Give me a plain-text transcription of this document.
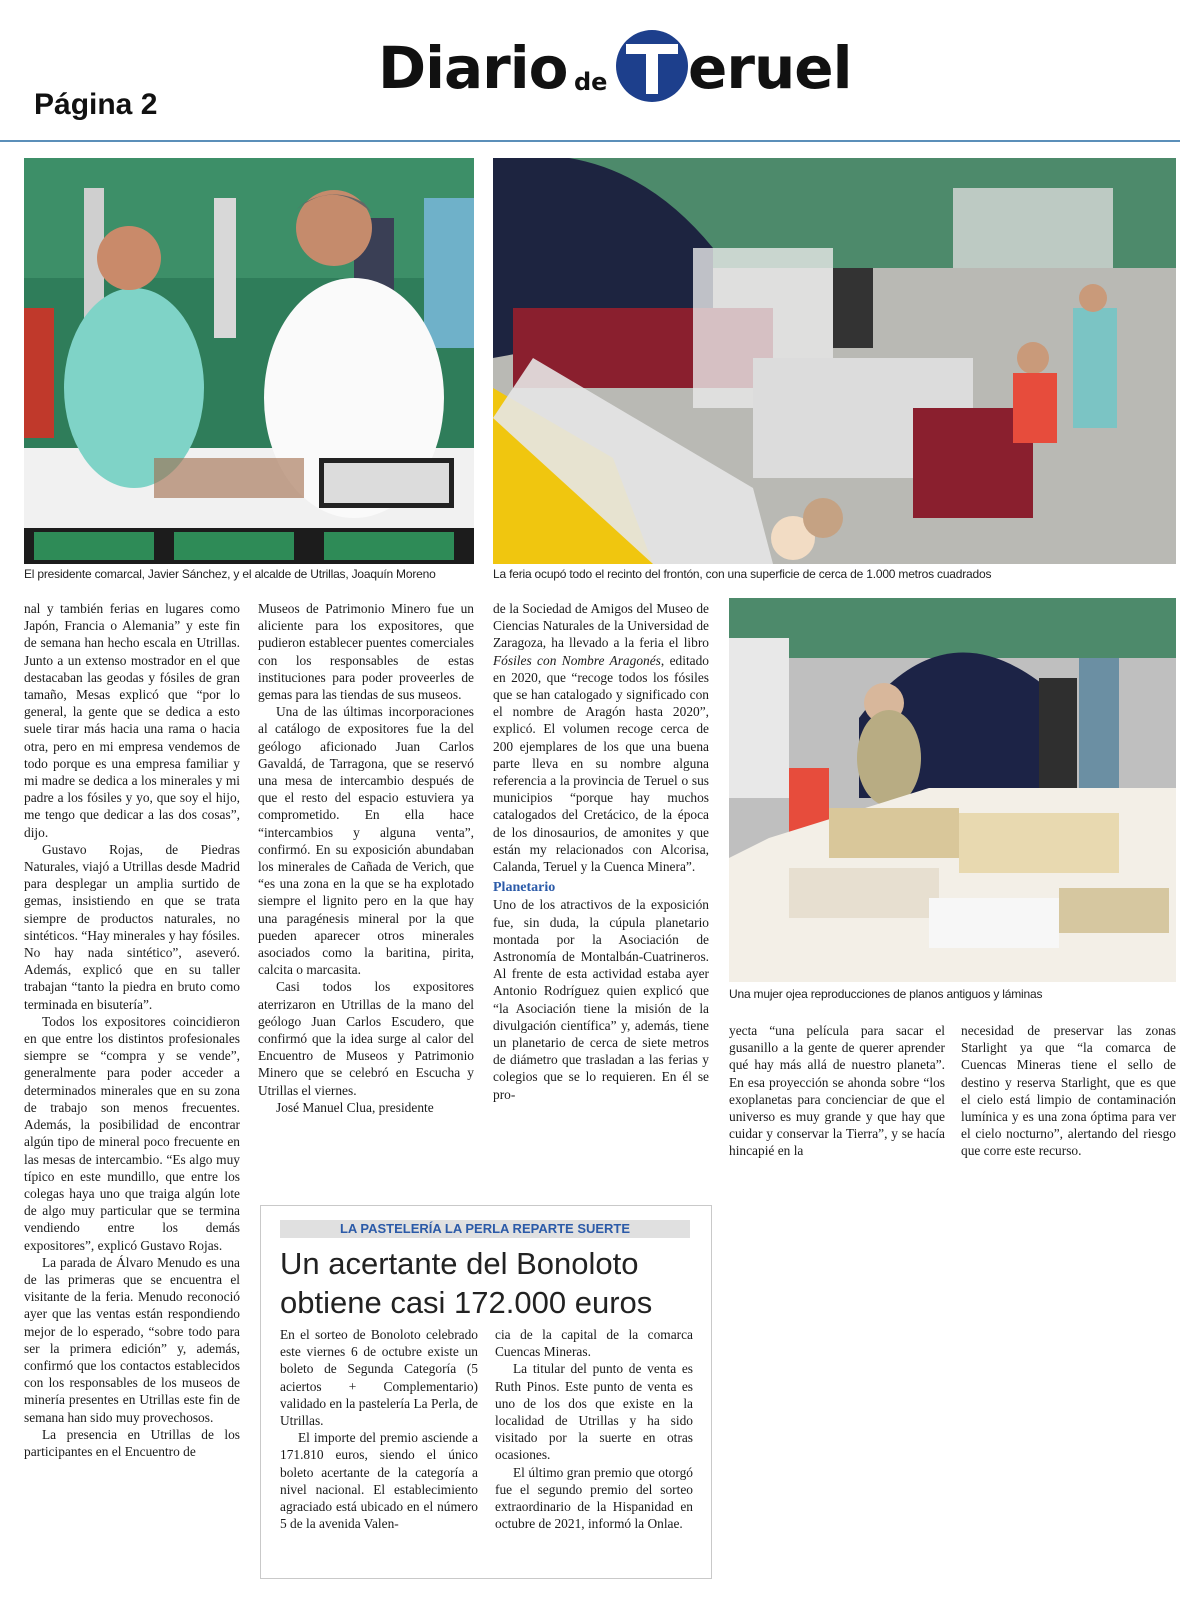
Página 2
Diario de eruel
El presidente comarcal, Javier Sánchez, y el alcalde de Utrillas, Joaquín Moreno	La feria ocupó todo el recinto del frontón, con una superficie de cerca de 1.000 metros cuadrados
Una mujer ojea reproducciones de planos antiguos y láminas

nal y también ferias en lugares como Japón, Francia o Alemania” y este fin de semana han hecho escala en Utrillas. Junto a un extenso mostrador en el que destacaban las geodas y fósiles de gran tamaño, Mesas explicó que “por lo general, la gente que se dedica a esto suele tirar más hacia una rama o hacia otra, pero en mi empresa vendemos de todo porque es una empresa familiar y mi madre se dedica a los minerales y mi padre a los fósiles y yo, que soy el hijo, me tengo que dedicar a las dos cosas”, dijo.

Gustavo Rojas, de Piedras Naturales, viajó a Utrillas desde Madrid para desplegar un amplia surtido de gemas, insistiendo en que se trata siempre de productos naturales, no sintéticos. “Hay minerales y hay fósiles. No hay nada sintético”, aseveró. Además, explicó que en su taller trabajan “tanto la piedra en bruto como terminada en bisutería”.

Todos los expositores coincidieron en que entre los distintos profesionales siempre se “compra y se vende”, generalmente para poder acceder a determinados minerales que en su zona de trabajo son menos frecuentes. Además, la posibilidad de encontrar algún tipo de mineral poco frecuente en las mesas de intercambio. “Es algo muy típico en este mundillo, que entre los colegas haya uno que traiga algún lote de algo muy particular que se termina vendiendo entre los demás expositores”, explicó Gustavo Rojas.

La parada de Álvaro Menudo es una de las primeras que se encuentra el visitante de la feria. Menudo reconoció ayer que las ventas están respondiendo mejor de lo esperado, “sobre todo para ser la primera edición” y, además, confirmó que los contactos establecidos con los responsables de los museos de minería presentes en Utrillas este fin de semana han sido muy provechosos.

La presencia en Utrillas de los participantes en el Encuentro de

Museos de Patrimonio Minero fue un aliciente para los expositores, que pudieron establecer puentes comerciales con los responsables de estas instituciones para poder proveerles de gemas para las tiendas de sus museos.

Una de las últimas incorporaciones al catálogo de expositores fue la del geólogo aficionado Juan Carlos Gavaldá, de Tarragona, que se reservó una mesa de intercambio después de que el resto del espacio estuviera ya comprometido. En ella hace “intercambios y alguna venta”, confirmó. En su exposición abundaban los minerales de Cañada de Verich, que “es una zona en la que se ha explotado siempre el lignito pero en la que hay una paragénesis mineral por la que pueden aparecer otros minerales asociados como la baritina, pirita, calcita o marcasita.

Casi todos los expositores aterrizaron en Utrillas de la mano del geólogo Juan Carlos Escudero, que confirmó que la idea surge al calor del Encuentro de Museos y Patrimonio Minero que se celebró en Escucha y Utrillas el viernes.

José Manuel Clua, presidente

de la Sociedad de Amigos del Museo de Ciencias Naturales de la Universidad de Zaragoza, ha llevado a la feria el libro Fósiles con Nombre Aragonés, editado en 2020, que “recoge todos los fósiles que se han catalogado y significado con el nombre de Aragón hasta 2020”, explicó. El volumen recoge cerca de 200 ejemplares de los que una buena parte lleva en su nombre alguna referencia a la provincia de Teruel o sus municipios “porque hay muchos catalogados del Cretácico, de la época de los dinosaurios, de amonites y que están my relacionados con Alcorisa, Calanda, Teruel y la Cuenca Minera”.

Planetario

Uno de los atractivos de la exposición fue, sin duda, la cúpula planetario montada por la Asociación de Astronomía de Montalbán-Cuatrineros. Al frente de esta actividad estaba ayer Antonio Rodríguez quien explicó que “la Asociación tiene la misión de la divulgación científica” y, además, tiene un planetario de cerca de siete metros de diámetro que trasladan a las ferias y colegios que se lo requieren. En él se pro-

yecta “una película para sacar el gusanillo a la gente de querer aprender qué hay más allá de nuestro planeta”. En esa proyección se ahonda sobre “los exoplanetas para concienciar de que el universo es muy grande y que hay que cuidar y conservar la Tierra”, y se hacía hincapié en la

necesidad de preservar las zonas Starlight ya que “la comarca de Cuencas Mineras tiene el sello de destino y reserva Starlight, que es que el cielo está limpio de contaminación lumínica y es una zona óptima para ver el cielo nocturno”, alertando del riesgo que corre este recurso.

LA PASTELERÍA LA PERLA REPARTE SUERTE
Un acertante del Bonoloto obtiene casi 172.000 euros

En el sorteo de Bonoloto celebrado este viernes 6 de octubre existe un boleto de Segunda Categoría (5 aciertos + Complementario) validado en la pastelería La Perla, de Utrillas.

El importe del premio asciende a 171.810 euros, siendo el único boleto acertante de la categoría a nivel nacional. El establecimiento agraciado está ubicado en el número 5 de la avenida Valen-

cia de la capital de la comarca Cuencas Mineras.

La titular del punto de venta es Ruth Pinos. Este punto de venta es uno de los dos que existe en la localidad de Utrillas y ha sido visitado por la suerte en otras ocasiones.

El último gran premio que otorgó fue el segundo premio del sorteo extraordinario de la Hispanidad en octubre de 2021, informó la Onlae.
